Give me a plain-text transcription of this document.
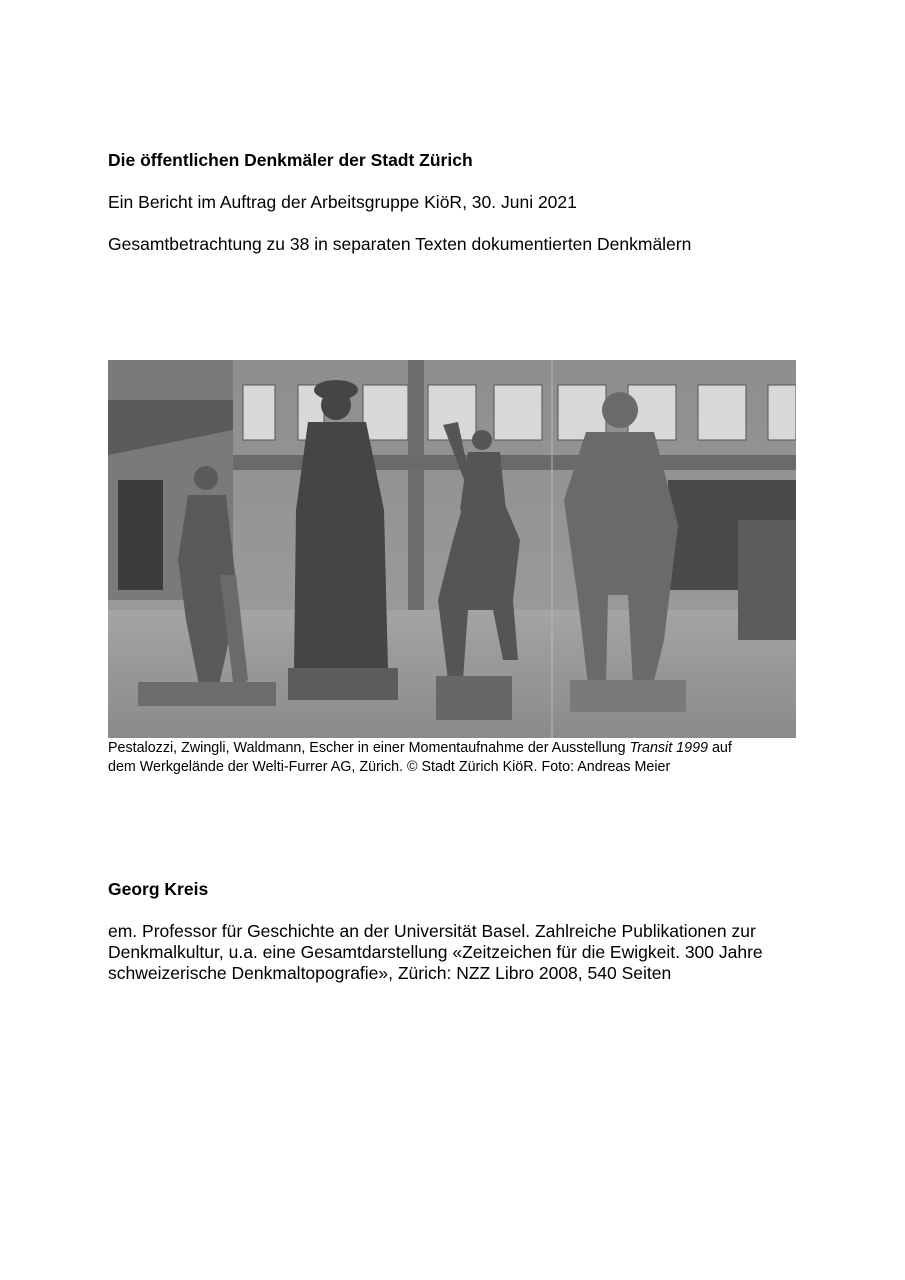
Die öffentlichen Denkmäler der Stadt Zürich
Ein Bericht im Auftrag der Arbeitsgruppe KiöR, 30. Juni 2021
Gesamtbetrachtung zu 38 in separaten Texten dokumentierten Denkmälern
Pestalozzi, Zwingli, Waldmann, Escher in einer Momentaufnahme der Ausstellung Transit 1999 auf
dem Werkgelände der Welti-Furrer AG, Zürich. © Stadt Zürich KiöR. Foto: Andreas Meier
Georg Kreis
em. Professor für Geschichte an der Universität Basel. Zahlreiche Publikationen zur
Denkmalkultur, u.a. eine Gesamtdarstellung «Zeitzeichen für die Ewigkeit. 300 Jahre
schweizerische Denkmaltopografie», Zürich: NZZ Libro 2008, 540 Seiten
